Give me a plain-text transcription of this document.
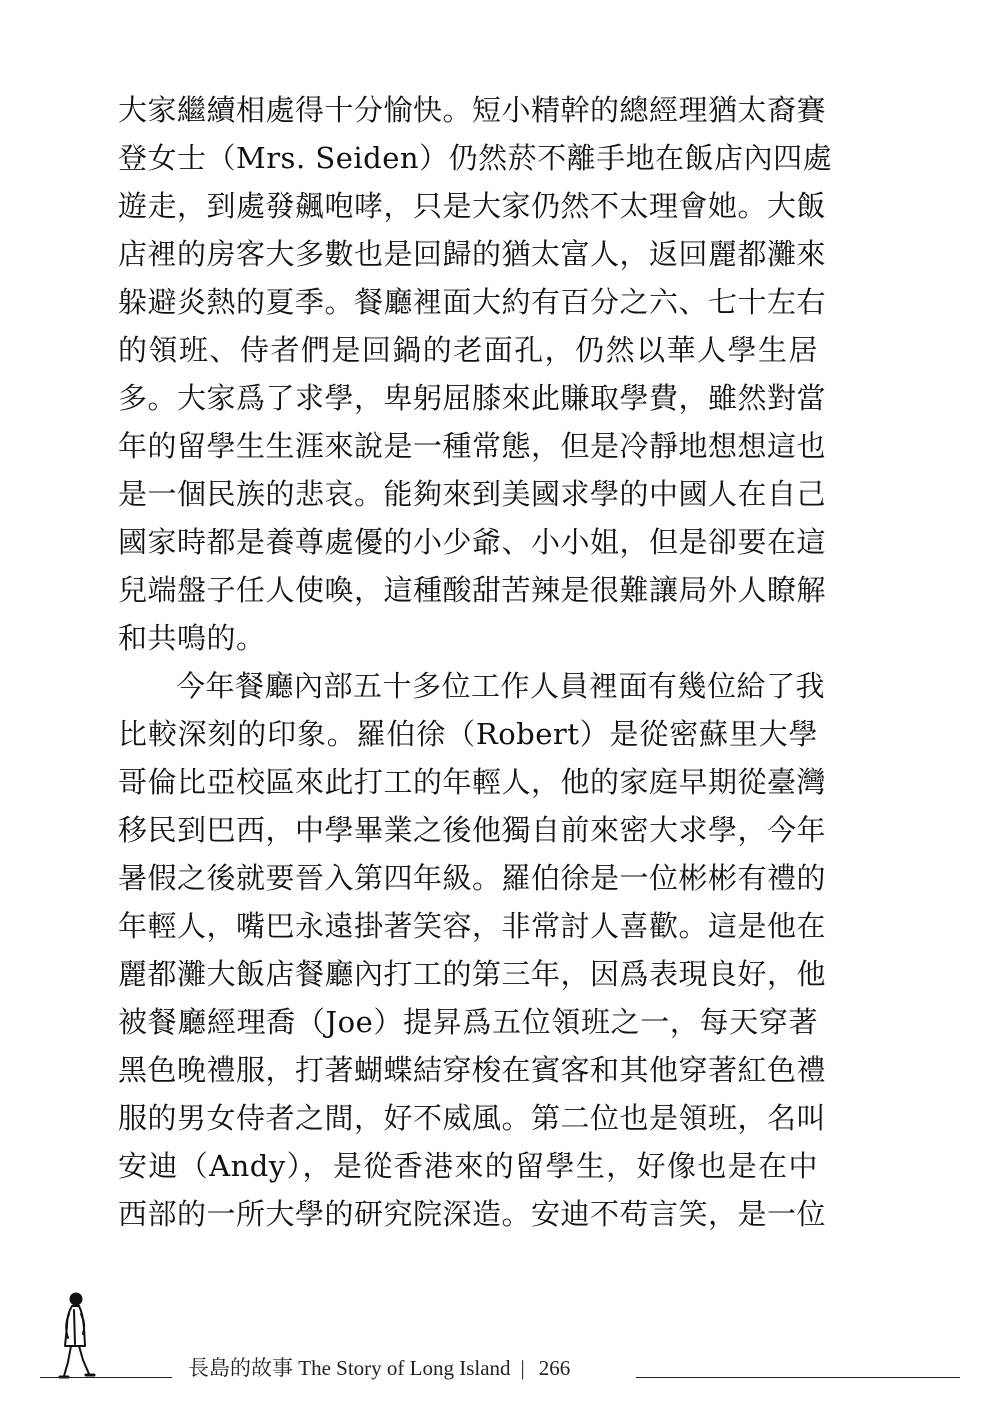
大家繼續相處得十分愉快。短小精幹的總經理猶太裔賽
登女士（Mrs. Seiden）仍然菸不離手地在飯店內四處
遊走，到處發飆咆哮，只是大家仍然不太理會她。大飯
店裡的房客大多數也是回歸的猶太富人，返回麗都灘來
躲避炎熱的夏季。餐廳裡面大約有百分之六、七十左右
的領班、侍者們是回鍋的老面孔，仍然以華人學生居
多。大家爲了求學，卑躬屈膝來此賺取學費，雖然對當
年的留學生生涯來說是一種常態，但是冷靜地想想這也
是一個民族的悲哀。能夠來到美國求學的中國人在自己
國家時都是養尊處優的小少爺、小小姐，但是卻要在這
兒端盤子任人使喚，這種酸甜苦辣是很難讓局外人瞭解
和共鳴的。
今年餐廳內部五十多位工作人員裡面有幾位給了我
比較深刻的印象。羅伯徐（Robert）是從密蘇里大學
哥倫比亞校區來此打工的年輕人，他的家庭早期從臺灣
移民到巴西，中學畢業之後他獨自前來密大求學，今年
暑假之後就要晉入第四年級。羅伯徐是一位彬彬有禮的
年輕人，嘴巴永遠掛著笑容，非常討人喜歡。這是他在
麗都灘大飯店餐廳內打工的第三年，因爲表現良好，他
被餐廳經理喬（Joe）提昇爲五位領班之一，每天穿著
黑色晚禮服，打著蝴蝶結穿梭在賓客和其他穿著紅色禮
服的男女侍者之間，好不威風。第二位也是領班，名叫
安迪（Andy），是從香港來的留學生，好像也是在中
西部的一所大學的研究院深造。安迪不苟言笑，是一位
長島的故事 The Story of Long Island | 266
